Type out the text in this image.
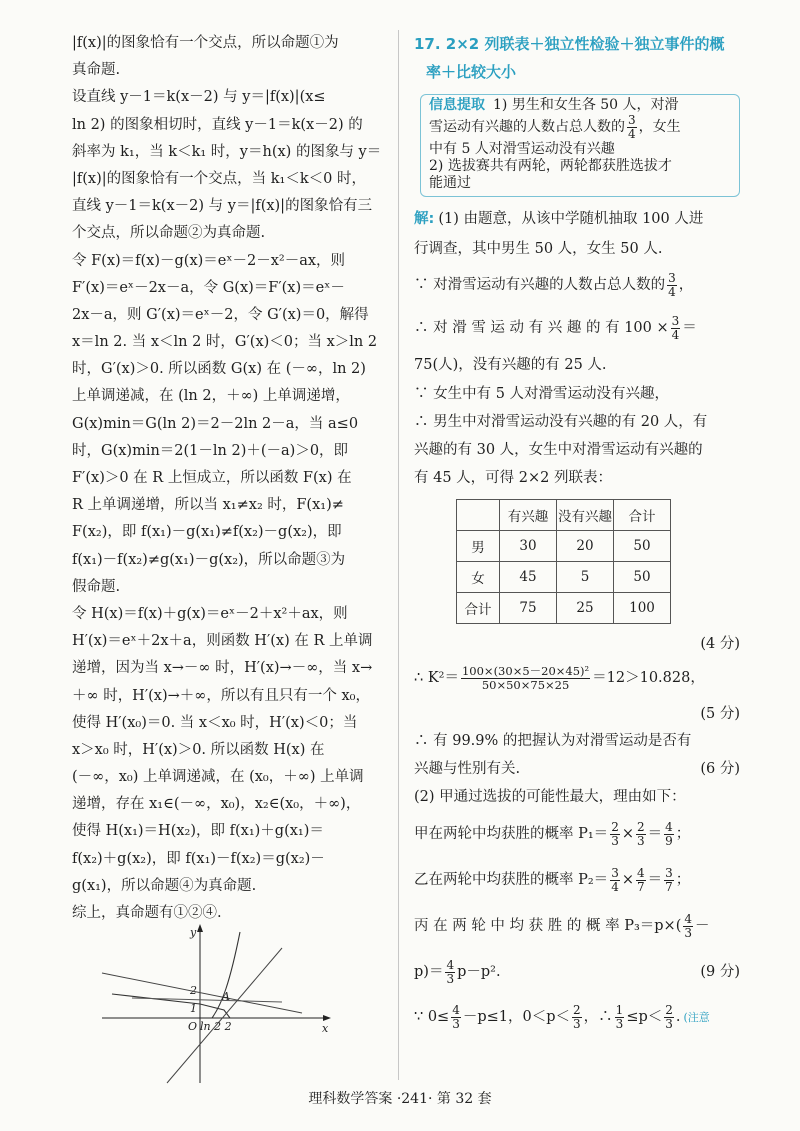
|f(x)|的图象恰有一个交点，所以命题①为
真命题.
设直线 y－1＝k(x－2) 与 y＝|f(x)|(x≤
ln 2) 的图象相切时，直线 y－1＝k(x－2) 的
斜率为 k₁，当 k＜k₁ 时，y＝h(x) 的图象与 y＝
|f(x)|的图象恰有一个交点，当 k₁＜k＜0 时，
直线 y－1＝k(x－2) 与 y＝|f(x)|的图象恰有三
个交点，所以命题②为真命题.
令 F(x)＝f(x)－g(x)＝eˣ－2－x²－ax，则
F′(x)＝eˣ－2x－a，令 G(x)＝F′(x)＝eˣ－
2x－a，则 G′(x)＝eˣ－2，令 G′(x)＝0，解得
x＝ln 2. 当 x＜ln 2 时，G′(x)＜0；当 x＞ln 2
时，G′(x)＞0. 所以函数 G(x) 在 (－∞，ln 2)
上单调递减，在 (ln 2，＋∞) 上单调递增，
G(x)min＝G(ln 2)＝2－2ln 2－a，当 a≤0
时，G(x)min＝2(1－ln 2)＋(－a)＞0，即
F′(x)＞0 在 R 上恒成立，所以函数 F(x) 在
R 上单调递增，所以当 x₁≠x₂ 时，F(x₁)≠
F(x₂)，即 f(x₁)－g(x₁)≠f(x₂)－g(x₂)，即
f(x₁)－f(x₂)≠g(x₁)－g(x₂)，所以命题③为
假命题.
令 H(x)＝f(x)＋g(x)＝eˣ－2＋x²＋ax，则
H′(x)＝eˣ＋2x＋a，则函数 H′(x) 在 R 上单调
递增，因为当 x→－∞ 时，H′(x)→－∞，当 x→
＋∞ 时，H′(x)→＋∞，所以有且只有一个 x₀，
使得 H′(x₀)＝0. 当 x＜x₀ 时，H′(x)＜0；当
x＞x₀ 时，H′(x)＞0. 所以函数 H(x) 在
(－∞，x₀) 上单调递减，在 (x₀，＋∞) 上单调
递增，存在 x₁∈(－∞，x₀)，x₂∈(x₀，＋∞)，
使得 H(x₁)＝H(x₂)，即 f(x₁)＋g(x₁)＝
f(x₂)＋g(x₂)，即 f(x₁)－f(x₂)＝g(x₂)－
g(x₁)，所以命题④为真命题.
综上，真命题有①②④.
y
x
2
1
O ln 2 2
A
17. 2×2 列联表＋独立性检验＋独立事件的概
率＋比较大小
信息提取 1) 男生和女生各 50 人，对滑
雪运动有兴趣的人数占总人数的 $\frac{3}{4}$ ，女生
中有 5 人对滑雪运动没有兴趣
2) 选拔赛共有两轮，两轮都获胜选拔才
能通过
解: (1) 由题意，从该中学随机抽取 100 人进
行调查，其中男生 50 人，女生 50 人.
∵ 对滑雪运动有兴趣的人数占总人数的 $\frac{3}{4}$ ，
∴ 对 滑 雪 运 动 有 兴 趣 的 有 $100 \times \frac{3}{4}$ ＝
75(人)，没有兴趣的有 25 人.
∵ 女生中有 5 人对滑雪运动没有兴趣，
∴ 男生中对滑雪运动没有兴趣的有 20 人，有
兴趣的有 30 人，女生中对滑雪运动有兴趣的
有 45 人，可得 2×2 列联表：
	有兴趣	没有兴趣	合计
男	30	20	50
女	45	5	50
合计	75	25	100
(4 分)
∴ $K^2= \frac{\text{100×(30×5－20×45)²}}{50\times 50\times 75\times 25} =12>10.828$，
(5 分)
∴ 有 99.9% 的把握认为对滑雪运动是否有
兴趣与性别有关.	(6 分)
(2) 甲通过选拔的可能性最大，理由如下：
甲在两轮中均获胜的概率 $P_1= \frac{2}{3} \times \frac{2}{3} = \frac{4}{9}$ ；
乙在两轮中均获胜的概率 $P_2= \frac{3}{4} \times \frac{4}{7} = \frac{3}{7}$ ；
丙 在 两 轮 中 均 获 胜 的 概 率 $P_3=p\times( \frac{4}{3}$ －
$p)= \frac{4}{3} p-p^2$.	(9 分)
∵ $0\le \frac{4}{3} -p\le 1$，$0<p< \frac{2}{3}$ ，∴ $\frac{1}{3} \le p< \frac{2}{3}$ . (注意
理科数学答案 ·241· 第 32 套
